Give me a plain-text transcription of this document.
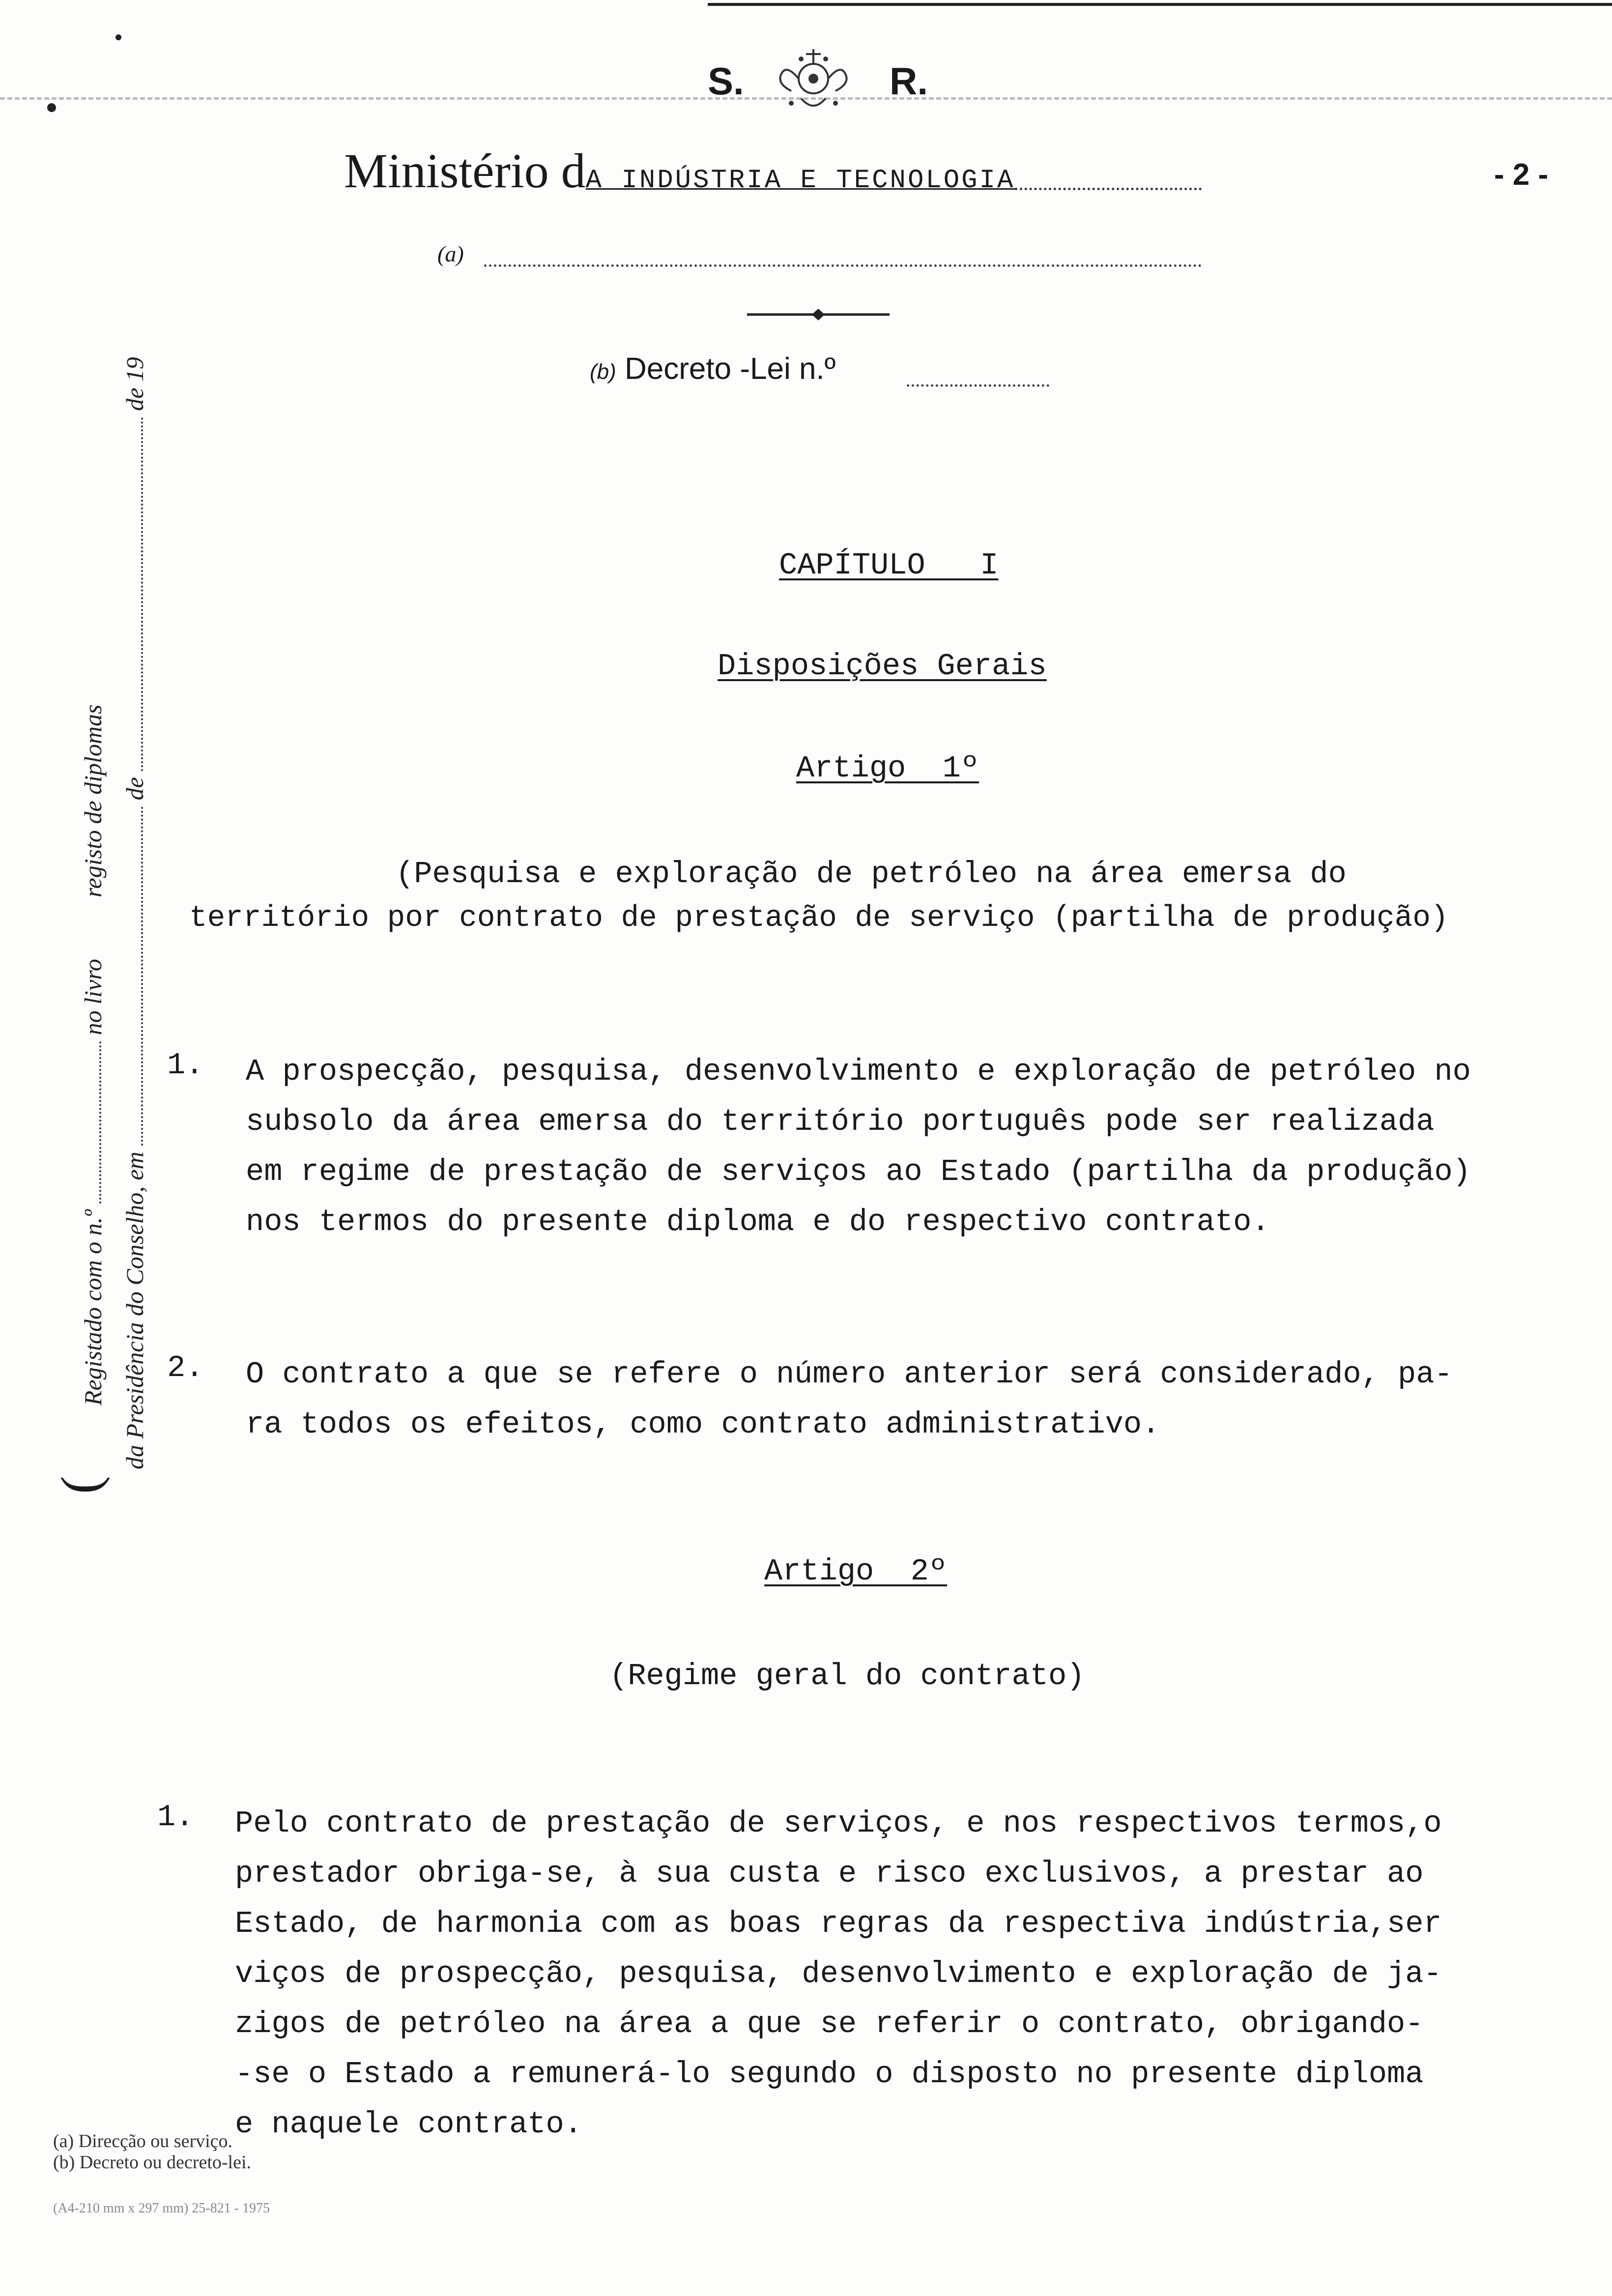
S.	R.
Ministério dA INDÚSTRIA E TECNOLOGIA	- 2 -
(a)
(b) Decreto -Lei n.º
Registado com o n.º  no livro  registo de diplomas
da Presidência do Conselho, em  de  de 19
(
CAPÍTULO   I
Disposições Gerais
Artigo  1º
(Pesquisa e exploração de petróleo na área emersa do
território por contrato de prestação de serviço (partilha de produção)
1. A prospecção, pesquisa, desenvolvimento e exploração de petróleo no
subsolo da área emersa do território português pode ser realizada
em regime de prestação de serviços ao Estado (partilha da produção)
nos termos do presente diploma e do respectivo contrato.
2. O contrato a que se refere o número anterior será considerado, pa-
ra todos os efeitos, como contrato administrativo.
Artigo  2º
(Regime geral do contrato)
1. Pelo contrato de prestação de serviços, e nos respectivos termos,o
prestador obriga-se, à sua custa e risco exclusivos, a prestar ao
Estado, de harmonia com as boas regras da respectiva indústria,ser
viços de prospecção, pesquisa, desenvolvimento e exploração de ja-
zigos de petróleo na área a que se referir o contrato, obrigando-
-se o Estado a remunerá-lo segundo o disposto no presente diploma
e naquele contrato.
(a) Direcção ou serviço.
(b) Decreto ou decreto-lei.
(A4-210 mm x 297 mm) 25-821 - 1975
